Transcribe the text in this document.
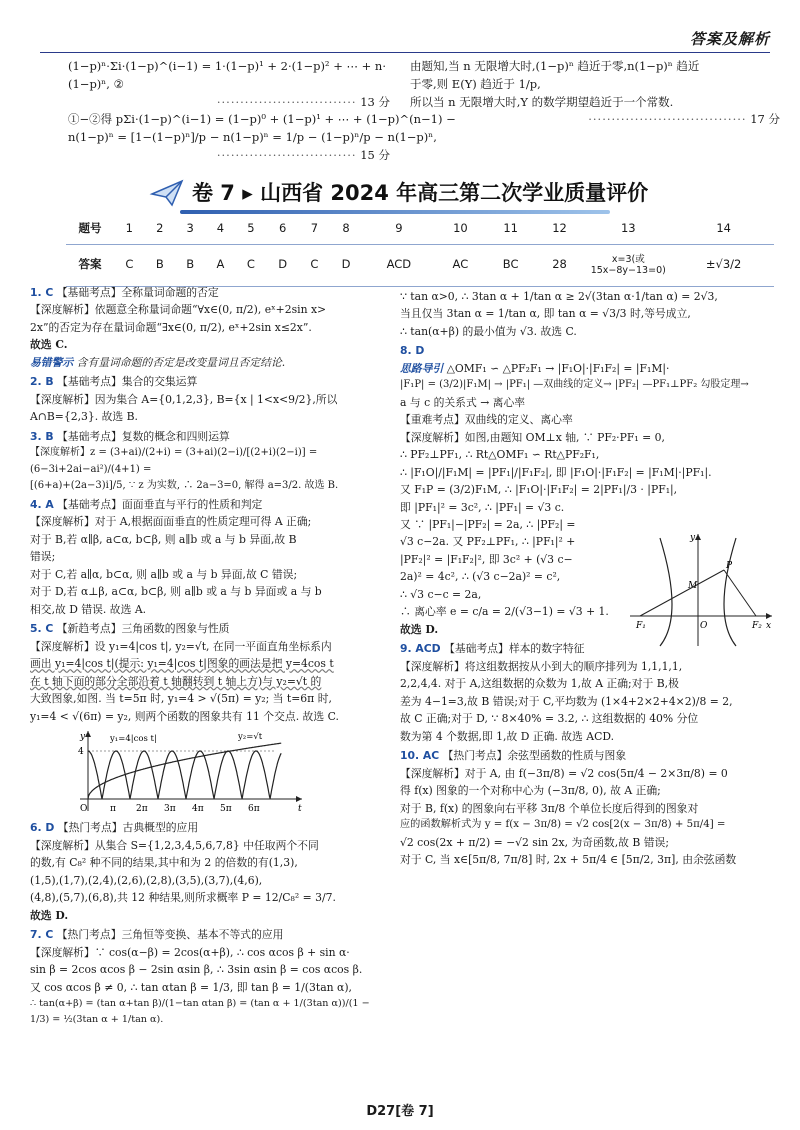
答案及解析
(1−p)ⁿ·Σi·(1−p)^(i−1) = 1·(1−p)¹ + 2·(1−p)² + ⋯ + n·
(1−p)ⁿ, ②
······························ 13 分
①−②得 pΣi·(1−p)^(i−1) = (1−p)⁰ + (1−p)¹ + ⋯ + (1−p)^(n−1) −
n(1−p)ⁿ = [1−(1−p)ⁿ]/p − n(1−p)ⁿ = 1/p − (1−p)ⁿ/p − n(1−p)ⁿ,
······························ 15 分
由题知,当 n 无限增大时,(1−p)ⁿ 趋近于零,n(1−p)ⁿ 趋近
于零,则 E(Y) 趋近于 1/p,
所以当 n 无限增大时,Y 的数学期望趋近于一个常数.
·································· 17 分
卷 7 ▸ 山西省 2024 年高三第二次学业质量评价
题号	1	2	3	4	5	6	7	8	9	10	11	12	13	14
答案	C	B	B	A	C	D	C	D	ACD	AC	BC	28	x=3(或15x−8y−13=0)	±√3/2
1. C 【基础考点】全称量词命题的否定
【深度解析】依题意全称量词命题“∀x∈(0, π/2), eˣ+2sin x>
2x”的否定为存在量词命题“∃x∈(0, π/2), eˣ+2sin x≤2x”.
故选 C.
易错警示 含有量词命题的否定是改变量词且否定结论.
2. B 【基础考点】集合的交集运算
【深度解析】因为集合 A={0,1,2,3}, B={x | 1<x<9/2},所以
A∩B={2,3}. 故选 B.
3. B 【基础考点】复数的概念和四则运算
【深度解析】z = (3+ai)/(2+i) = (3+ai)(2−i)/[(2+i)(2−i)] = (6−3i+2ai−ai²)/(4+1) =
[(6+a)+(2a−3)i]/5, ∵ z 为实数, ∴ 2a−3=0, 解得 a=3/2. 故选 B.
4. A 【基础考点】面面垂直与平行的性质和判定
【深度解析】对于 A,根据面面垂直的性质定理可得 A 正确;
对于 B,若 α∥β, a⊂α, b⊂β, 则 a∥b 或 a 与 b 异面,故 B
错误;
对于 C,若 a∥α, b⊂α, 则 a∥b 或 a 与 b 异面,故 C 错误;
对于 D,若 α⊥β, a⊂α, b⊂β, 则 a∥b 或 a 与 b 异面或 a 与 b
相交,故 D 错误. 故选 A.
5. C 【新趋考点】三角函数的图象与性质
【深度解析】设 y₁=4|cos t|, y₂=√t, 在同一平面直角坐标系内
画出 y₁=4|cos t|(提示: y₁=4|cos t|图象的画法是把 y=4cos t
在 t 轴下面的部分全部沿着 t 轴翻转到 t 轴上方)与 y₂=√t 的
大致图象,如图. 当 t=5π 时, y₁=4 > √(5π) = y₂; 当 t=6π 时,
y₁=4 < √(6π) = y₂, 则两个函数的图象共有 11 个交点. 故选 C.
y
t
4
O	π 2π 3π 4π 5π 6π
y₁=4|cos t|	y₂=√t
6. D 【热门考点】古典概型的应用
【深度解析】从集合 S={1,2,3,4,5,6,7,8} 中任取两个不同
的数,有 C₈² 种不同的结果,其中和为 2 的倍数的有(1,3),
(1,5),(1,7),(2,4),(2,6),(2,8),(3,5),(3,7),(4,6),
(4,8),(5,7),(6,8),共 12 种结果,则所求概率 P = 12/C₈² = 3/7.
故选 D.
7. C 【热门考点】三角恒等变换、基本不等式的应用
【深度解析】∵ cos(α−β) = 2cos(α+β), ∴ cos αcos β + sin α·
sin β = 2cos αcos β − 2sin αsin β, ∴ 3sin αsin β = cos αcos β.
又 cos αcos β ≠ 0, ∴ tan αtan β = 1/3, 即 tan β = 1/(3tan α),
∴ tan(α+β) = (tan α+tan β)/(1−tan αtan β) = (tan α + 1/(3tan α))/(1 − 1/3) = ½(3tan α + 1/tan α).
∵ tan α>0, ∴ 3tan α + 1/tan α ≥ 2√(3tan α·1/tan α) = 2√3,
当且仅当 3tan α = 1/tan α, 即 tan α = √3/3 时,等号成立,
∴ tan(α+β) 的最小值为 √3. 故选 C.
8. D
思路导引 △OMF₁ ∽ △PF₂F₁ → |F₁O|·|F₁F₂| = |F₁M|·
|F₁P| = (3/2)|F₁M| → |PF₁| —双曲线的定义→ |PF₂| —PF₁⊥PF₂ 勾股定理→
a 与 c 的关系式 → 离心率
【重难考点】双曲线的定义、离心率
【深度解析】如图,由题知 OM⊥x 轴, ∵ PF₂·PF₁ = 0,
∴ PF₂⊥PF₁, ∴ Rt△OMF₁ ∽ Rt△PF₂F₁,
∴ |F₁O|/|F₁M| = |PF₁|/|F₁F₂|, 即 |F₁O|·|F₁F₂| = |F₁M|·|PF₁|.
又 F₁P = (3/2)F₁M, ∴ |F₁O|·|F₁F₂| = 2|PF₁|/3 · |PF₁|,
即 |PF₁|² = 3c², ∴ |PF₁| = √3 c.
又 ∵ |PF₁|−|PF₂| = 2a, ∴ |PF₂| =
√3 c−2a. 又 PF₂⊥PF₁, ∴ |PF₁|² +
|PF₂|² = |F₁F₂|², 即 3c² + (√3 c−
2a)² = 4c², ∴ (√3 c−2a)² = c²,
∴ √3 c−c = 2a,
∴ 离心率 e = c/a = 2/(√3−1) = √3 + 1.
故选 D.
y
P
M
F₁	O	F₂ x
9. ACD 【基础考点】样本的数字特征
【深度解析】将这组数据按从小到大的顺序排列为 1,1,1,1,
2,2,4,4. 对于 A,这组数据的众数为 1,故 A 正确;对于 B,极
差为 4−1=3,故 B 错误;对于 C,平均数为 (1×4+2×2+4×2)/8 = 2,
故 C 正确;对于 D, ∵ 8×40% = 3.2, ∴ 这组数据的 40% 分位
数为第 4 个数据,即 1,故 D 正确. 故选 ACD.
10. AC 【热门考点】余弦型函数的性质与图象
【深度解析】对于 A, 由 f(−3π/8) = √2 cos(5π/4 − 2×3π/8) = 0
得 f(x) 图象的一个对称中心为 (−3π/8, 0), 故 A 正确;
对于 B, f(x) 的图象向右平移 3π/8 个单位长度后得到的图象对
应的函数解析式为 y = f(x − 3π/8) = √2 cos[2(x − 3π/8) + 5π/4] =
√2 cos(2x + π/2) = −√2 sin 2x, 为奇函数,故 B 错误;
对于 C, 当 x∈[5π/8, 7π/8] 时, 2x + 5π/4 ∈ [5π/2, 3π], 由余弦函数
D27[卷 7]
